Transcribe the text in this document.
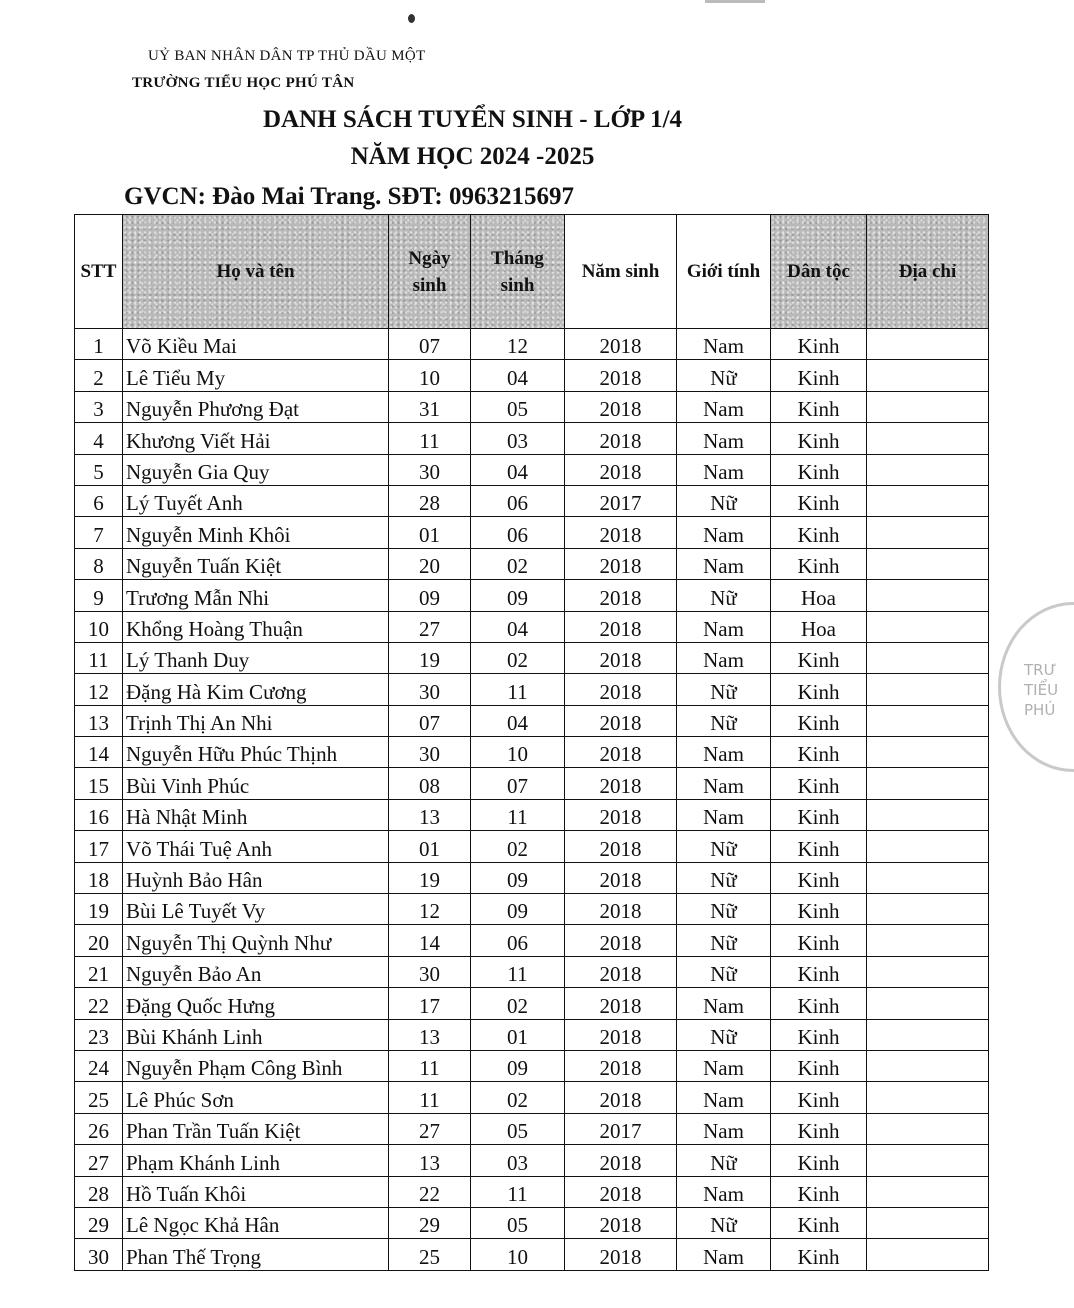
UỶ BAN NHÂN DÂN TP THỦ DẦU MỘT
TRƯỜNG TIỂU HỌC PHÚ TÂN
DANH SÁCH TUYỂN SINH - LỚP 1/4
NĂM HỌC 2024 -2025
GVCN: Đào Mai Trang. SĐT: 0963215697
STT	Họ và tên	Ngày sinh	Tháng sinh	Năm sinh	Giới tính	Dân tộc	Địa chỉ
1	Võ Kiều Mai	07	12	2018	Nam	Kinh	
2	Lê Tiểu My	10	04	2018	Nữ	Kinh	
3	Nguyễn Phương Đạt	31	05	2018	Nam	Kinh	
4	Khương Viết Hải	11	03	2018	Nam	Kinh	
5	Nguyễn Gia Quy	30	04	2018	Nam	Kinh	
6	Lý Tuyết Anh	28	06	2017	Nữ	Kinh	
7	Nguyễn Minh Khôi	01	06	2018	Nam	Kinh	
8	Nguyễn Tuấn Kiệt	20	02	2018	Nam	Kinh	
9	Trương Mẫn Nhi	09	09	2018	Nữ	Hoa	
10	Khổng Hoàng Thuận	27	04	2018	Nam	Hoa	
11	Lý Thanh Duy	19	02	2018	Nam	Kinh	
12	Đặng Hà Kim Cương	30	11	2018	Nữ	Kinh	
13	Trịnh Thị An Nhi	07	04	2018	Nữ	Kinh	
14	Nguyễn Hữu Phúc Thịnh	30	10	2018	Nam	Kinh	
15	Bùi Vinh Phúc	08	07	2018	Nam	Kinh	
16	Hà Nhật Minh	13	11	2018	Nam	Kinh	
17	Võ Thái Tuệ Anh	01	02	2018	Nữ	Kinh	
18	Huỳnh Bảo Hân	19	09	2018	Nữ	Kinh	
19	Bùi Lê Tuyết Vy	12	09	2018	Nữ	Kinh	
20	Nguyễn Thị Quỳnh Như	14	06	2018	Nữ	Kinh	
21	Nguyễn Bảo An	30	11	2018	Nữ	Kinh	
22	Đặng Quốc Hưng	17	02	2018	Nam	Kinh	
23	Bùi Khánh Linh	13	01	2018	Nữ	Kinh	
24	Nguyễn Phạm Công Bình	11	09	2018	Nam	Kinh	
25	Lê Phúc Sơn	11	02	2018	Nam	Kinh	
26	Phan Trần Tuấn Kiệt	27	05	2017	Nam	Kinh	
27	Phạm Khánh Linh	13	03	2018	Nữ	Kinh	
28	Hồ Tuấn Khôi	22	11	2018	Nam	Kinh	
29	Lê Ngọc Khả Hân	29	05	2018	Nữ	Kinh	
30	Phan Thế Trọng	25	10	2018	Nam	Kinh	
TRƯ
TIỂU
PHÚ
